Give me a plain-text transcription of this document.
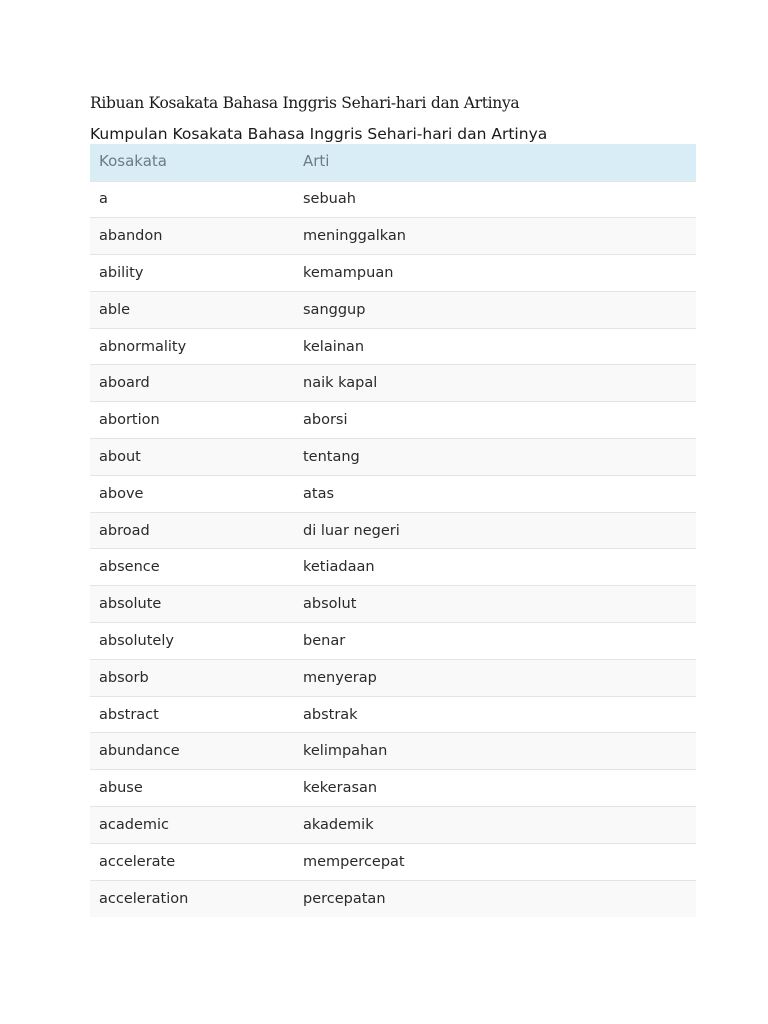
Ribuan Kosakata Bahasa Inggris Sehari-hari dan Artinya
Kumpulan Kosakata Bahasa Inggris Sehari-hari dan Artinya
Kosakata	Arti
a	sebuah
abandon	meninggalkan
ability	kemampuan
able	sanggup
abnormality	kelainan
aboard	naik kapal
abortion	aborsi
about	tentang
above	atas
abroad	di luar negeri
absence	ketiadaan
absolute	absolut
absolutely	benar
absorb	menyerap
abstract	abstrak
abundance	kelimpahan
abuse	kekerasan
academic	akademik
accelerate	mempercepat
acceleration	percepatan
